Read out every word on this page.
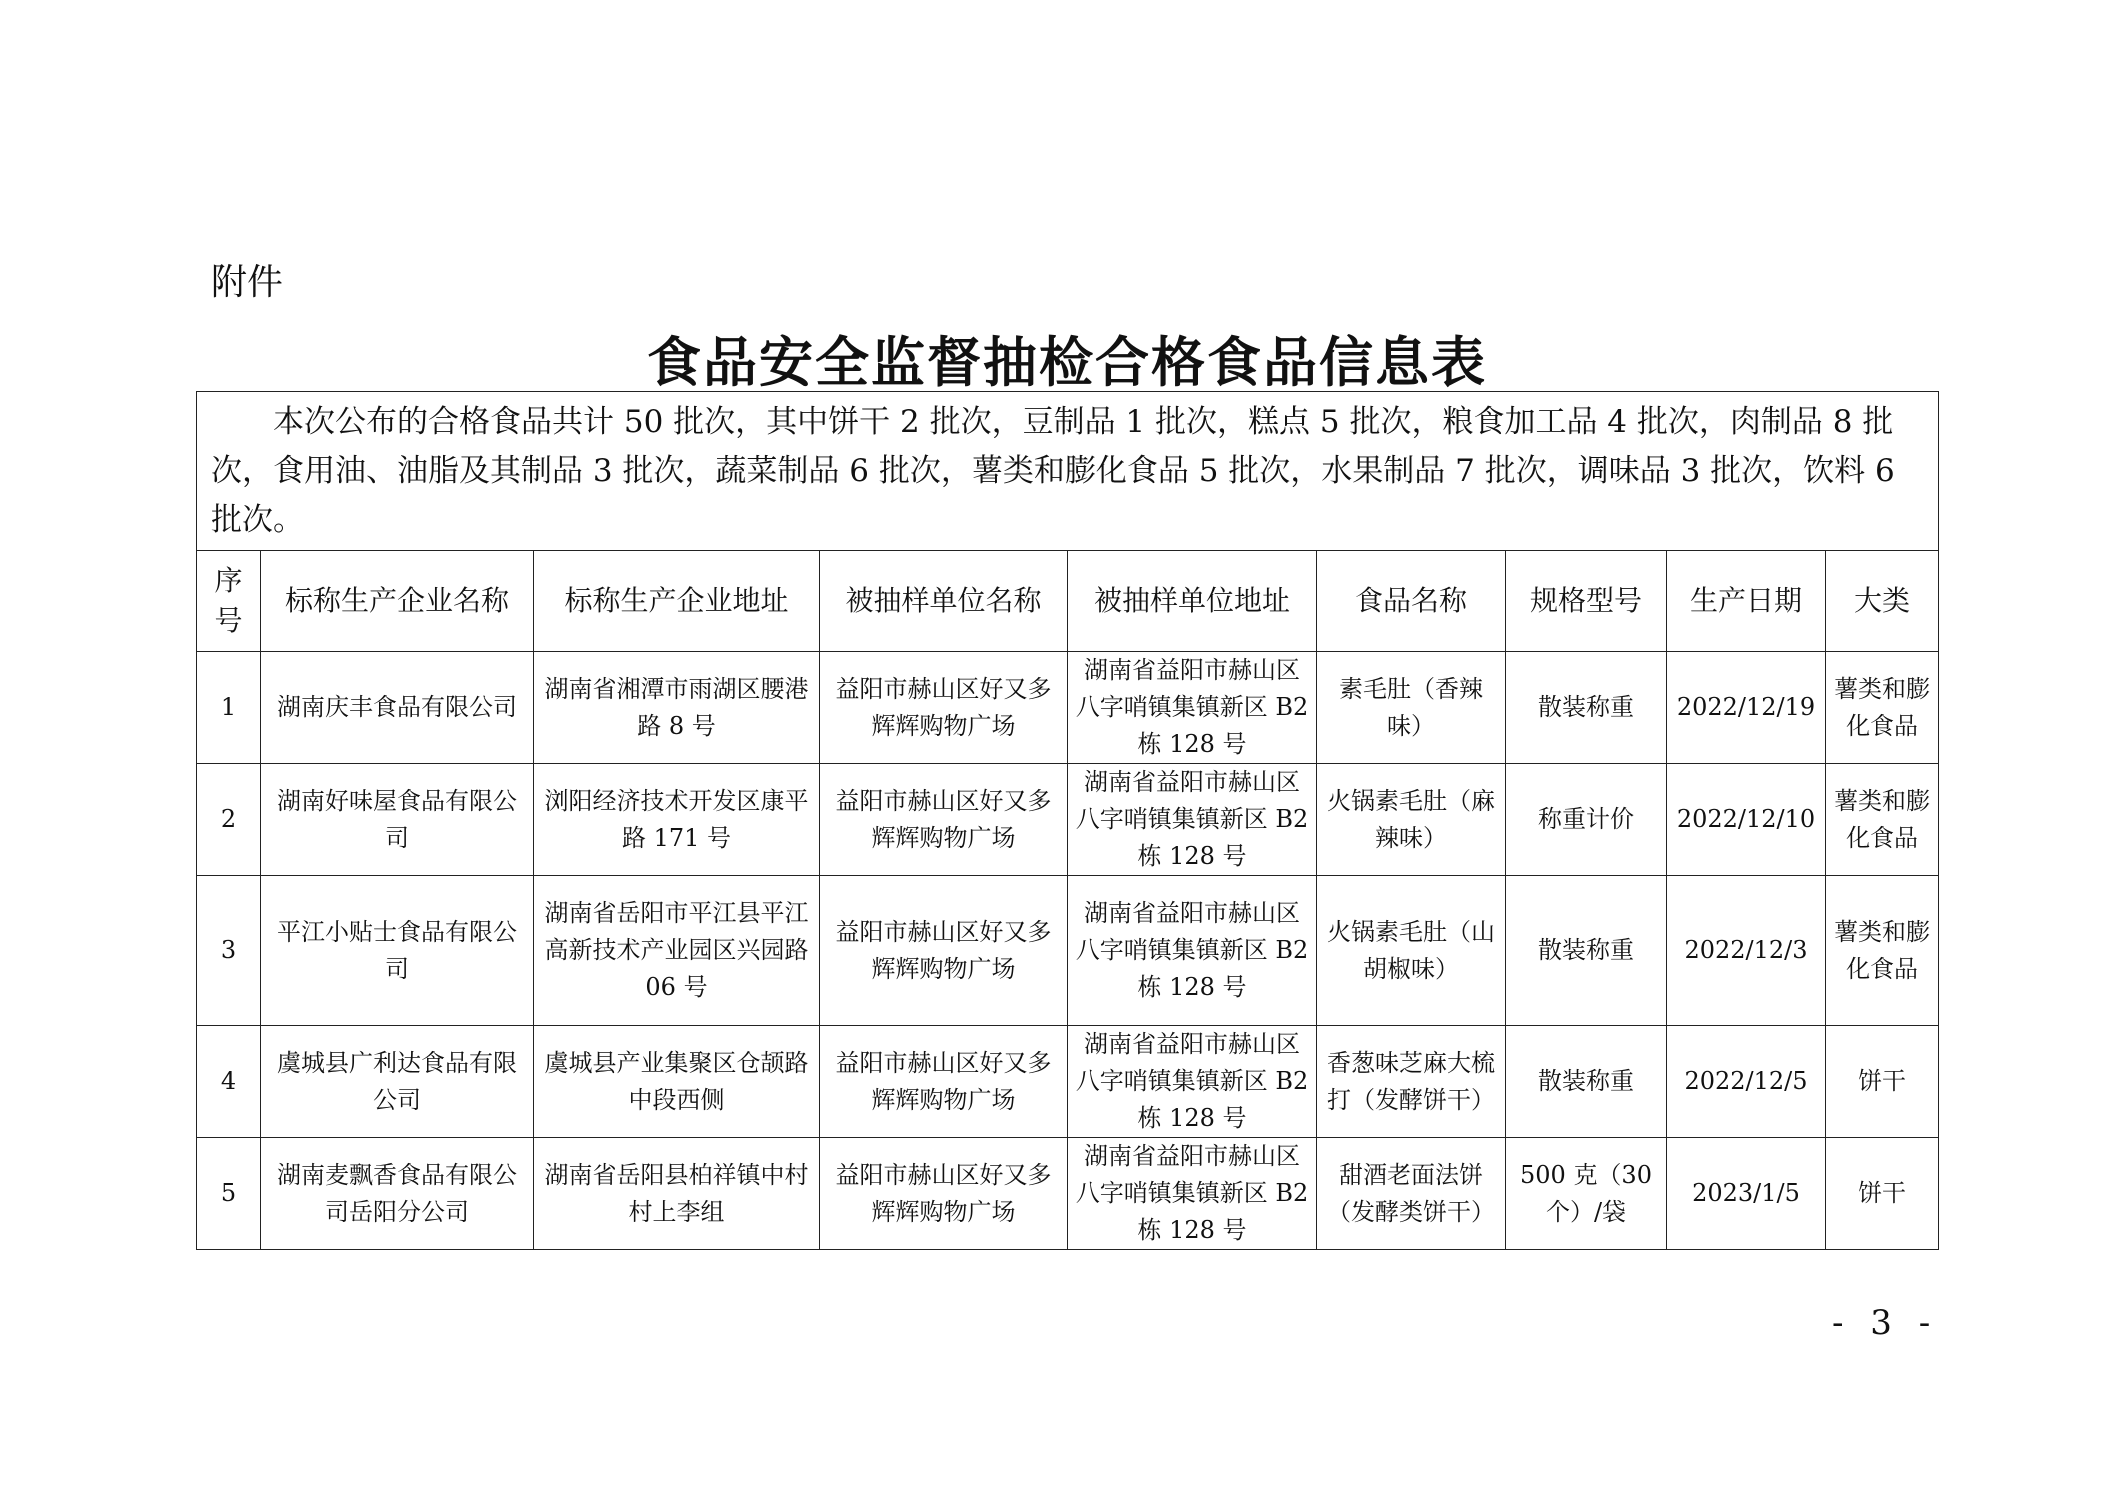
附件
食品安全监督抽检合格食品信息表
本次公布的合格食品共计 50 批次，其中饼干 2 批次，豆制品 1 批次，糕点 5 批次，粮食加工品 4 批次，肉制品 8 批次，食用油、油脂及其制品 3 批次，蔬菜制品 6 批次，薯类和膨化食品 5 批次，水果制品 7 批次，调味品 3 批次，饮料 6 批次。								

序号	标称生产企业名称	标称生产企业地址	被抽样单位名称	被抽样单位地址	食品名称	规格型号	生产日期	大类
1	湖南庆丰食品有限公司	湖南省湘潭市雨湖区腰港路 8 号	益阳市赫山区好又多辉辉购物广场	湖南省益阳市赫山区八字哨镇集镇新区 B2 栋 128 号	素毛肚（香辣味）	散装称重	2022/12/19	薯类和膨化食品
2	湖南好味屋食品有限公司	浏阳经济技术开发区康平路 171 号	益阳市赫山区好又多辉辉购物广场	湖南省益阳市赫山区八字哨镇集镇新区 B2 栋 128 号	火锅素毛肚（麻辣味）	称重计价	2022/12/10	薯类和膨化食品
3	平江小贴士食品有限公司	湖南省岳阳市平江县平江高新技术产业园区兴园路 06 号	益阳市赫山区好又多辉辉购物广场	湖南省益阳市赫山区八字哨镇集镇新区 B2 栋 128 号	火锅素毛肚（山胡椒味）	散装称重	2022/12/3	薯类和膨化食品
4	虞城县广利达食品有限公司	虞城县产业集聚区仓颉路中段西侧	益阳市赫山区好又多辉辉购物广场	湖南省益阳市赫山区八字哨镇集镇新区 B2 栋 128 号	香葱味芝麻大梳打（发酵饼干）	散装称重	2022/12/5	饼干
5	湖南麦飘香食品有限公司岳阳分公司	湖南省岳阳县柏祥镇中村村上李组	益阳市赫山区好又多辉辉购物广场	湖南省益阳市赫山区八字哨镇集镇新区 B2 栋 128 号	甜酒老面法饼（发酵类饼干）	500 克（30 个）/袋	2023/1/5	饼干
- 3 -
